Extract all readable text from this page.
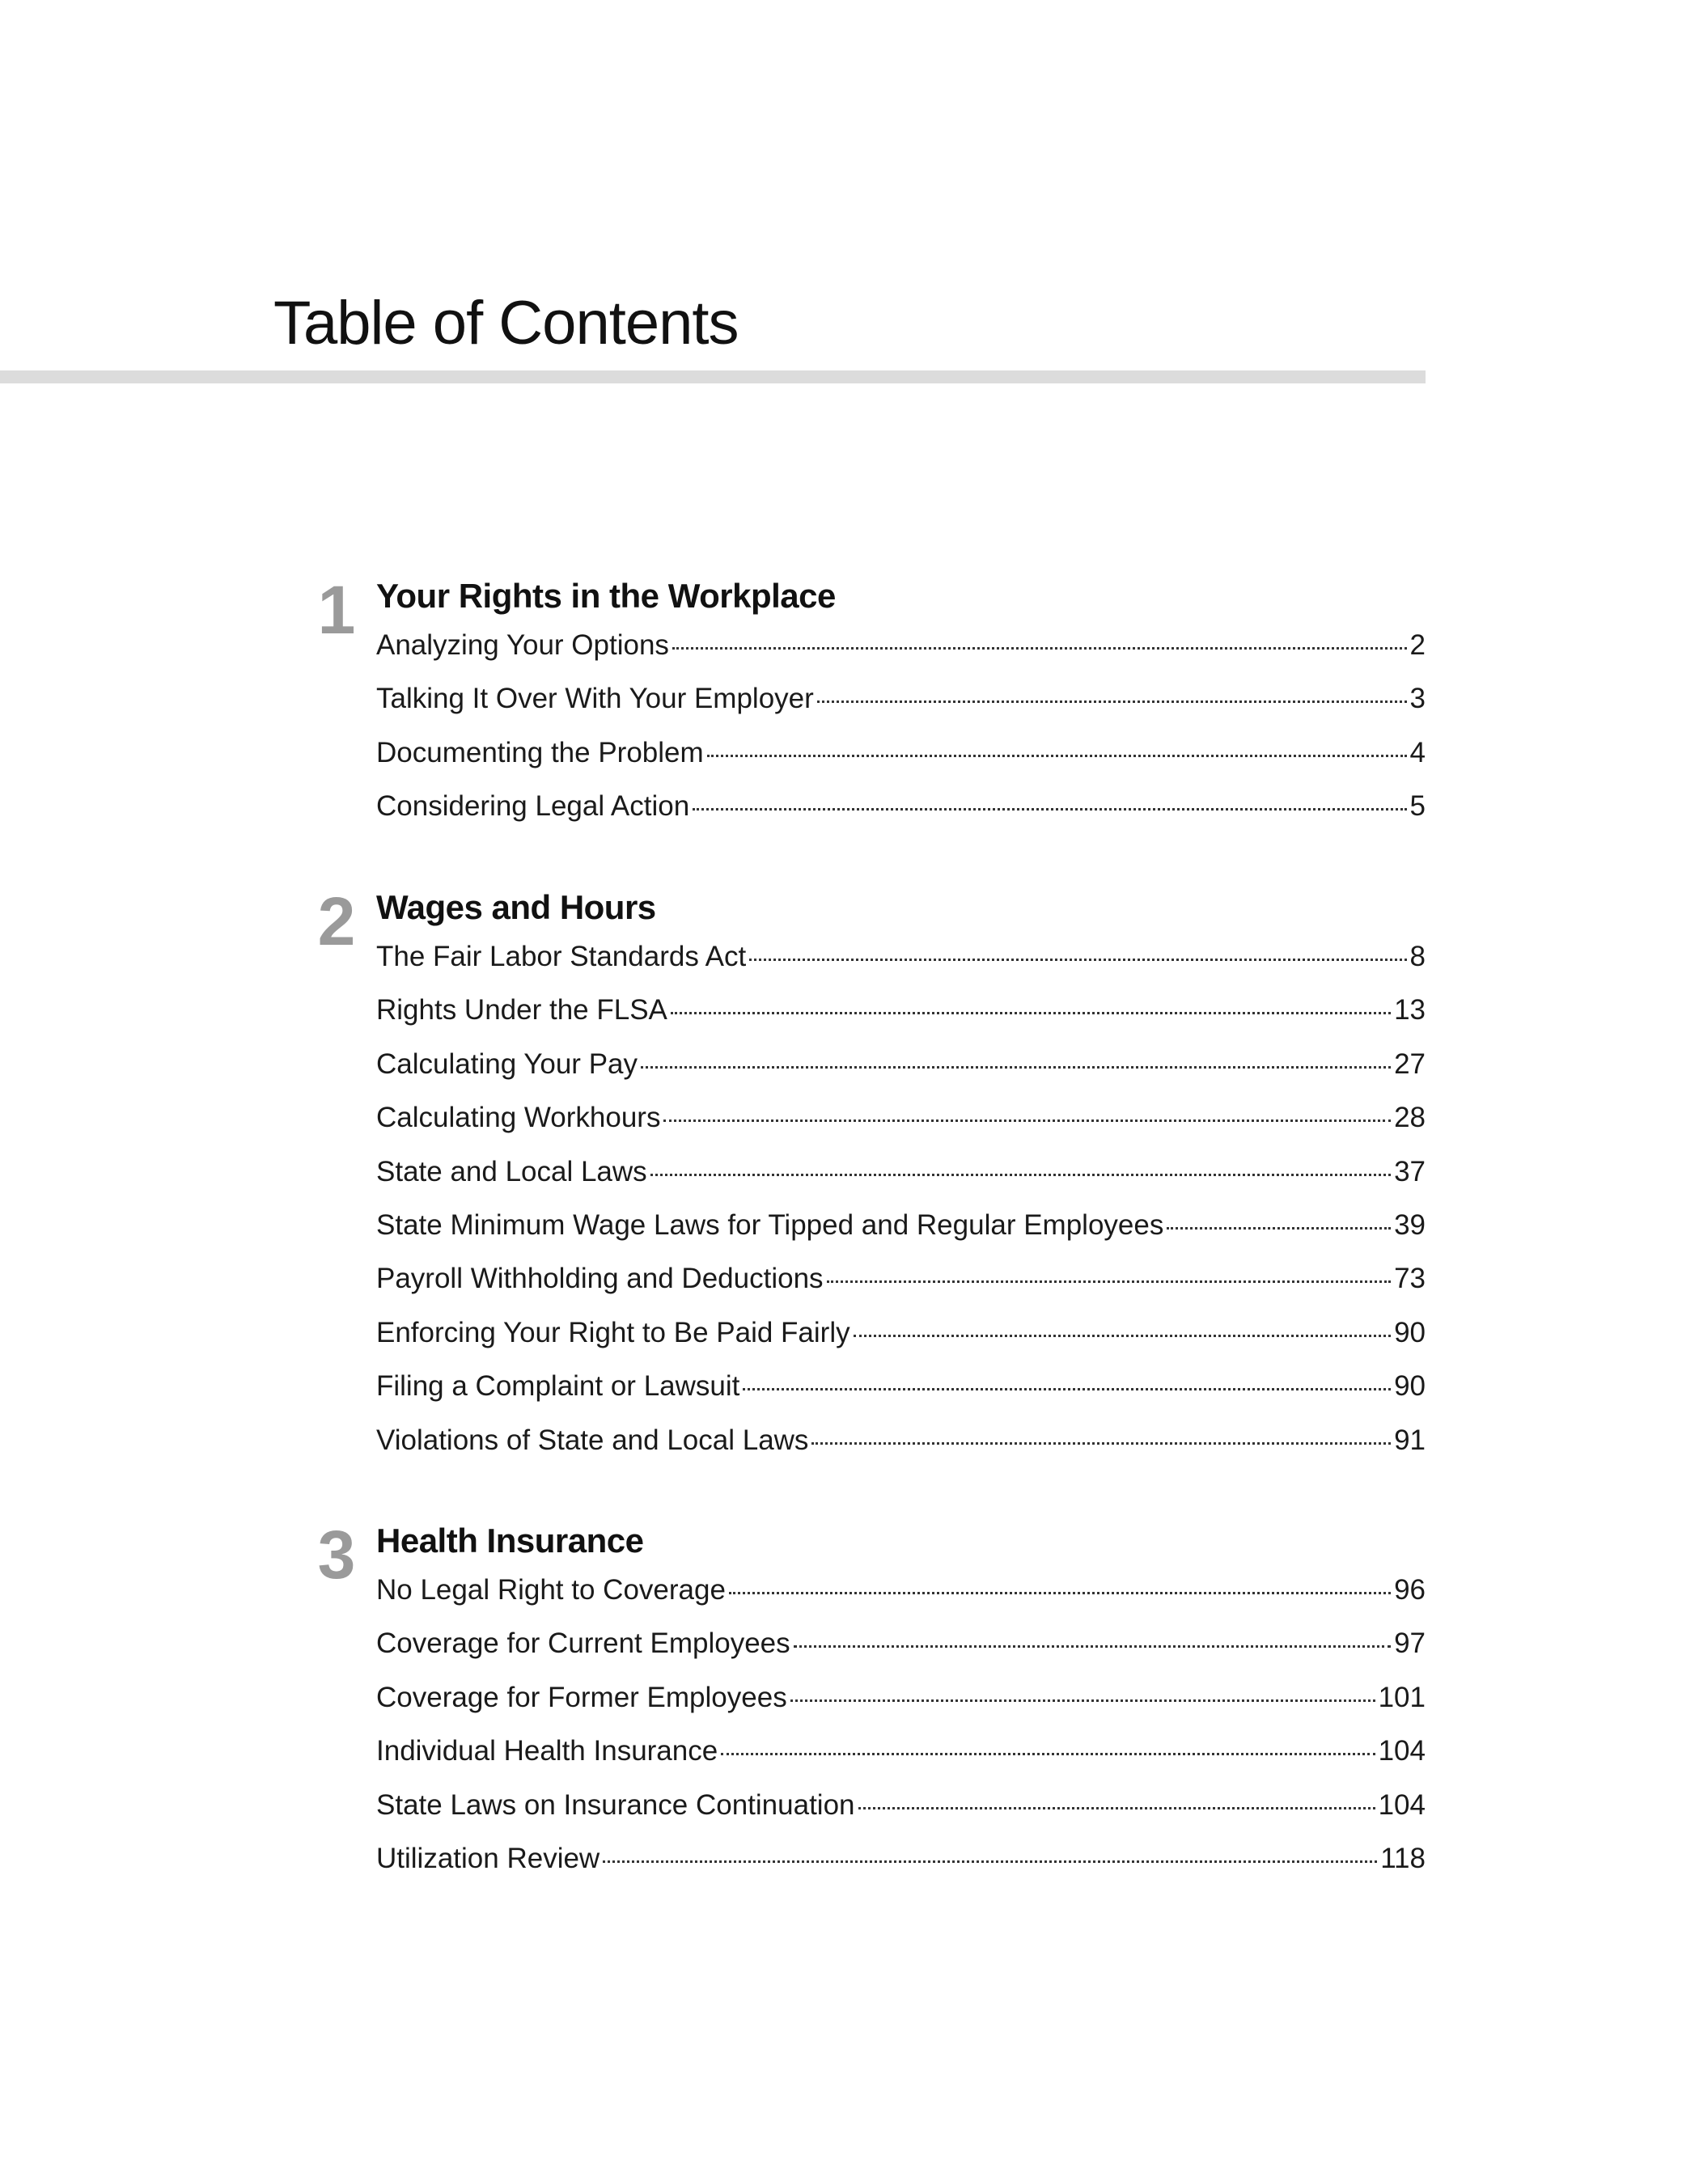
Table of Contents
1 Your Rights in the Workplace
Analyzing Your Options	2
Talking It Over With Your Employer	3
Documenting the Problem	4
Considering Legal Action	5
2 Wages and Hours
The Fair Labor Standards Act	8
Rights Under the FLSA	13
Calculating Your Pay	27
Calculating Workhours	28
State and Local Laws	37
State Minimum Wage Laws for Tipped and Regular Employees	39
Payroll Withholding and Deductions	73
Enforcing Your Right to Be Paid Fairly	90
Filing a Complaint or Lawsuit	90
Violations of State and Local Laws	91
3 Health Insurance
No Legal Right to Coverage	96
Coverage for Current Employees	97
Coverage for Former Employees	101
Individual Health Insurance	104
State Laws on Insurance Continuation	104
Utilization Review	118
